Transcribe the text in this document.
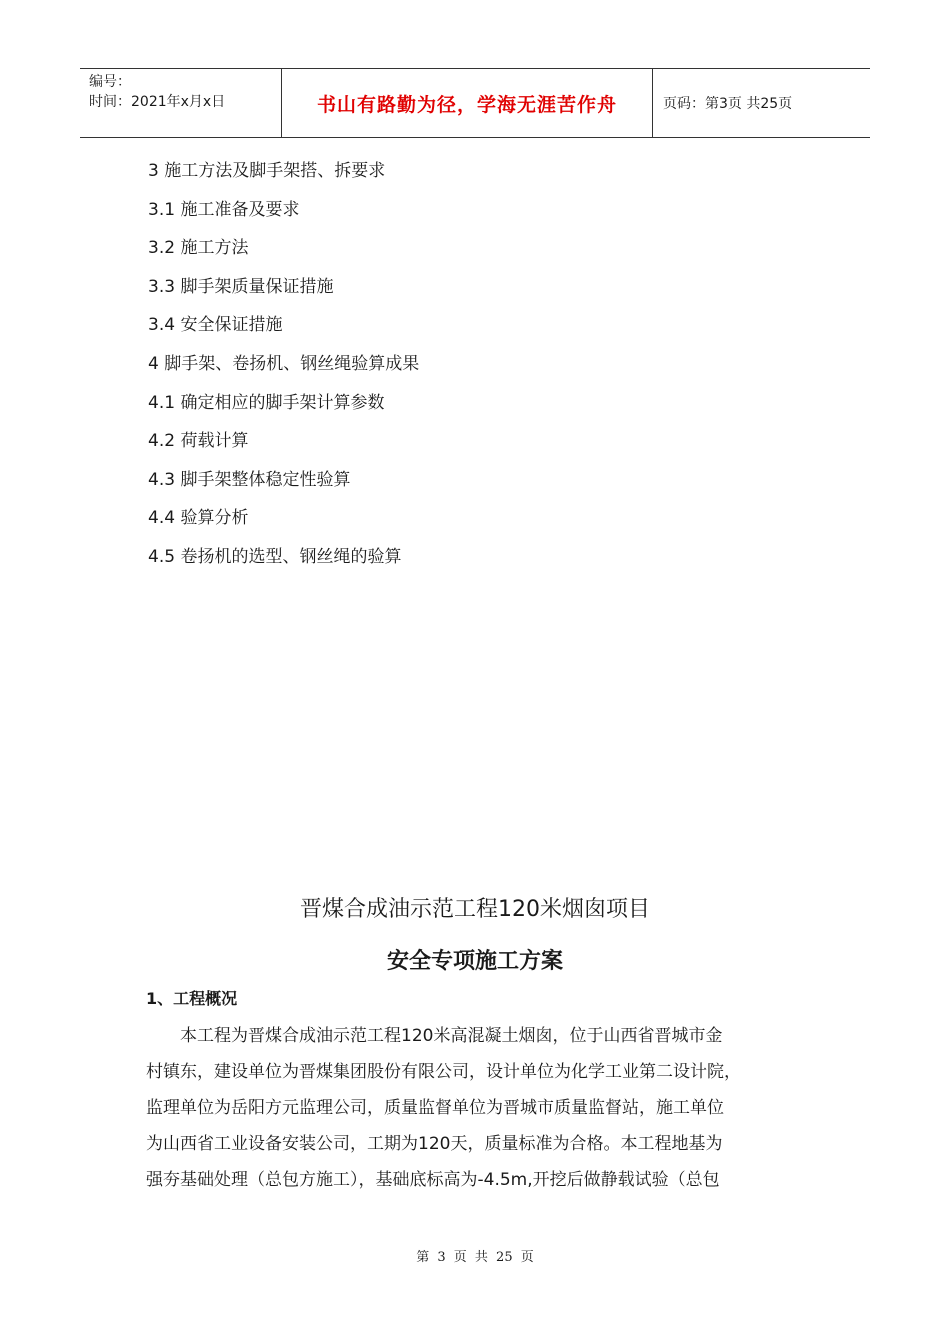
编号：
时间：2021年x月x日	书山有路勤为径，学海无涯苦作舟	页码：第3页 共25页
3 施工方法及脚手架搭、拆要求
3.1 施工准备及要求
3.2 施工方法
3.3 脚手架质量保证措施
3.4 安全保证措施
4 脚手架、卷扬机、钢丝绳验算成果
4.1 确定相应的脚手架计算参数
4.2 荷载计算
4.3 脚手架整体稳定性验算
4.4 验算分析
4.5 卷扬机的选型、钢丝绳的验算
晋煤合成油示范工程120米烟囱项目
安全专项施工方案
1、工程概况
本工程为晋煤合成油示范工程120米高混凝土烟囱，位于山西省晋城市金
村镇东，建设单位为晋煤集团股份有限公司，设计单位为化学工业第二设计院，
监理单位为岳阳方元监理公司，质量监督单位为晋城市质量监督站，施工单位
为山西省工业设备安装公司，工期为120天，质量标准为合格。本工程地基为
强夯基础处理（总包方施工），基础底标高为-4.5m,开挖后做静载试验（总包
第 3 页 共 25 页
